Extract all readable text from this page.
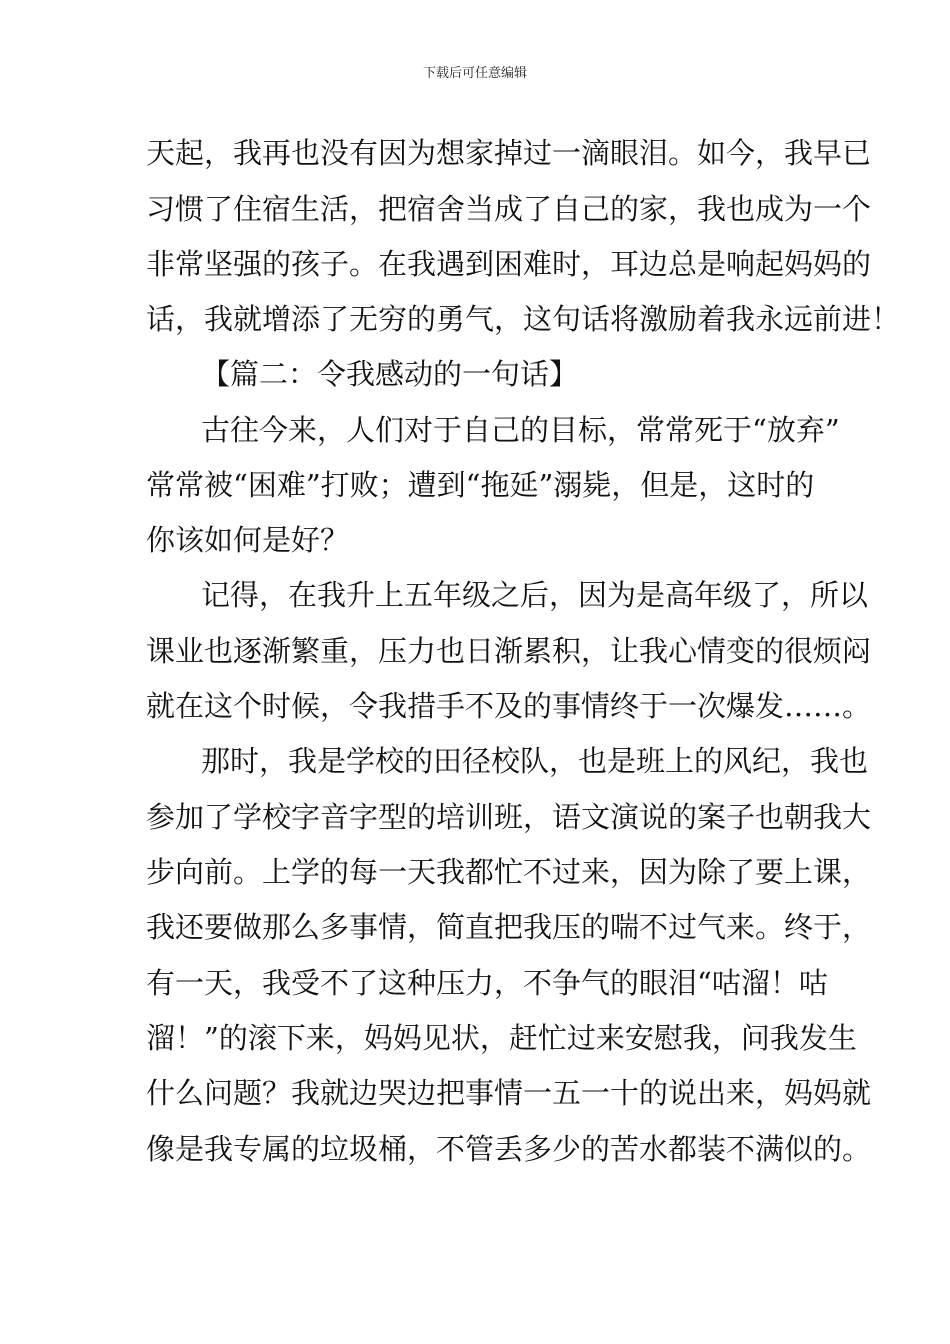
下载后可任意编辑
天起，我再也没有因为想家掉过一滴眼泪。如今，我早已
习惯了住宿生活，把宿舍当成了自己的家，我也成为一个
非常坚强的孩子。在我遇到困难时，耳边总是响起妈妈的
话，我就增添了无穷的勇气，这句话将激励着我永远前进！
【篇二：令我感动的一句话】
古往今来，人们对于自己的目标，常常死于“放弃”
常常被“困难”打败；遭到“拖延”溺毙，但是，这时的
你该如何是好？
记得，在我升上五年级之后，因为是高年级了，所以
课业也逐渐繁重，压力也日渐累积，让我心情变的很烦闷
就在这个时候，令我措手不及的事情终于一次爆发……。
那时，我是学校的田径校队，也是班上的风纪，我也
参加了学校字音字型的培训班，语文演说的案子也朝我大
步向前。上学的每一天我都忙不过来，因为除了要上课，
我还要做那么多事情，简直把我压的喘不过气来。终于，
有一天，我受不了这种压力，不争气的眼泪“咕溜！咕
溜！”的滚下来，妈妈见状，赶忙过来安慰我，问我发生
什么问题？我就边哭边把事情一五一十的说出来，妈妈就
像是我专属的垃圾桶，不管丢多少的苦水都装不满似的。
